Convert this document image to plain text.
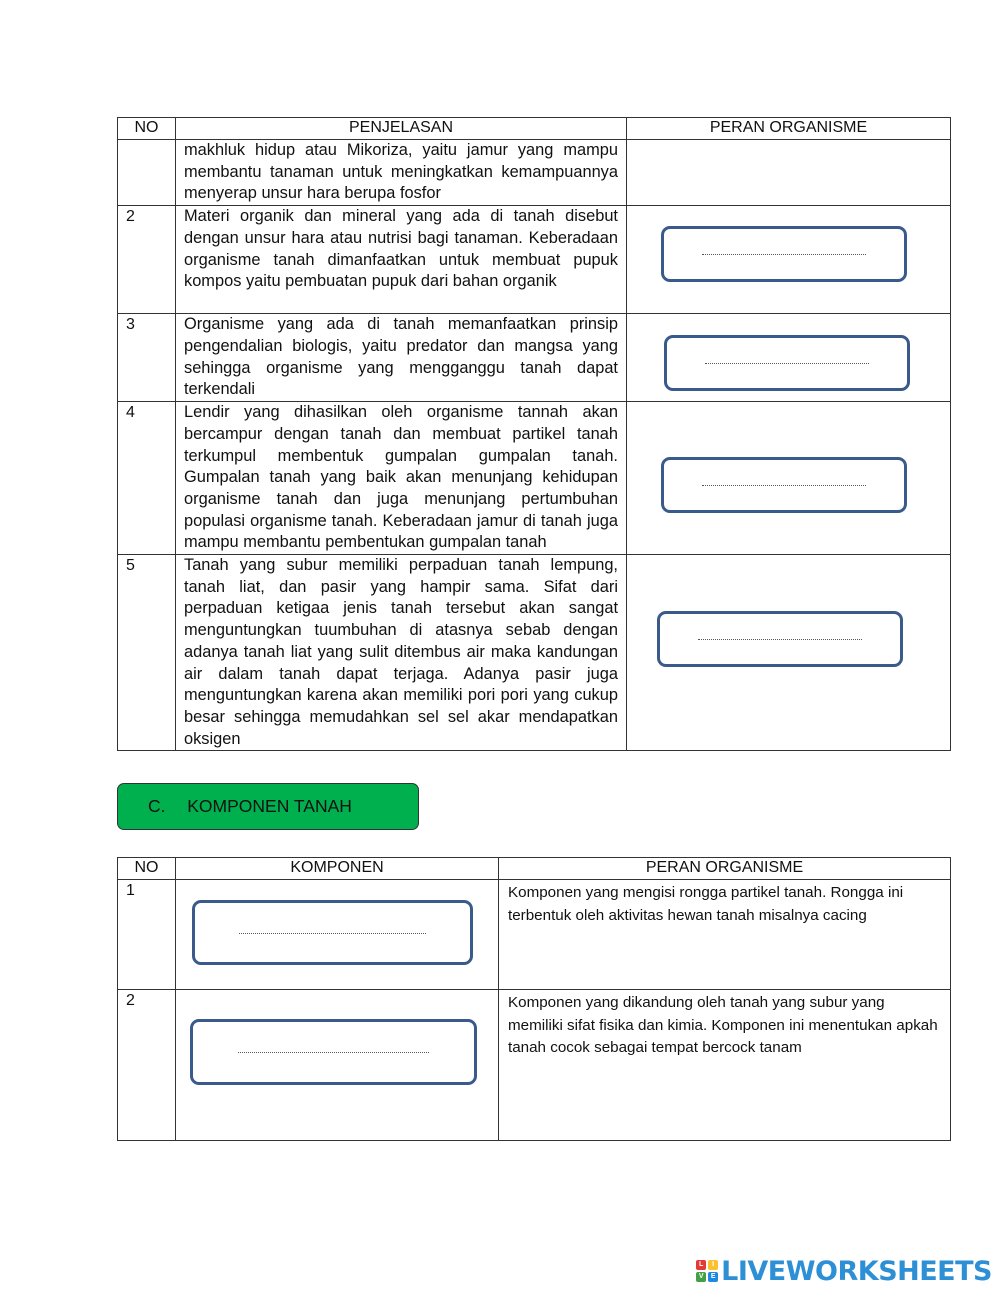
NO	PENJELASAN	PERAN ORGANISME
	makhluk hidup atau Mikoriza, yaitu jamur yang mampu membantu tanaman untuk meningkatkan kemampuannya menyerap unsur hara berupa fosfor	
2	Materi organik dan mineral yang ada di tanah disebut dengan unsur hara atau nutrisi bagi tanaman. Keberadaan organisme tanah dimanfaatkan untuk membuat pupuk kompos yaitu pembuatan pupuk dari bahan organik	
3	Organisme yang ada di tanah memanfaatkan prinsip pengendalian biologis, yaitu predator dan mangsa yang sehingga organisme yang mengganggu tanah dapat terkendali	
4	Lendir yang dihasilkan oleh organisme tannah akan bercampur dengan tanah dan membuat partikel tanah terkumpul membentuk gumpalan gumpalan tanah. Gumpalan tanah yang baik akan menunjang kehidupan organisme tanah dan juga menunjang pertumbuhan populasi organisme tanah. Keberadaan jamur di tanah juga mampu membantu pembentukan gumpalan tanah	
5	Tanah yang subur memiliki perpaduan tanah lempung, tanah liat, dan pasir yang hampir sama. Sifat dari perpaduan ketigaa jenis tanah tersebut akan sangat menguntungkan tuumbuhan di atasnya sebab dengan adanya tanah liat yang sulit ditembus air maka kandungan air dalam tanah dapat terjaga. Adanya pasir juga menguntungkan karena akan memiliki pori pori yang cukup besar sehingga memudahkan sel sel akar mendapatkan oksigen	
C. KOMPONEN TANAH
NO	KOMPONEN	PERAN ORGANISME
1		Komponen yang mengisi rongga partikel tanah. Rongga ini terbentuk oleh aktivitas hewan tanah misalnya cacing
2		Komponen yang dikandung oleh tanah yang subur yang memiliki sifat fisika dan kimia. Komponen ini menentukan apkah tanah cocok sebagai tempat bercock tanam
L	I
V	E LIVEWORKSHEETS
